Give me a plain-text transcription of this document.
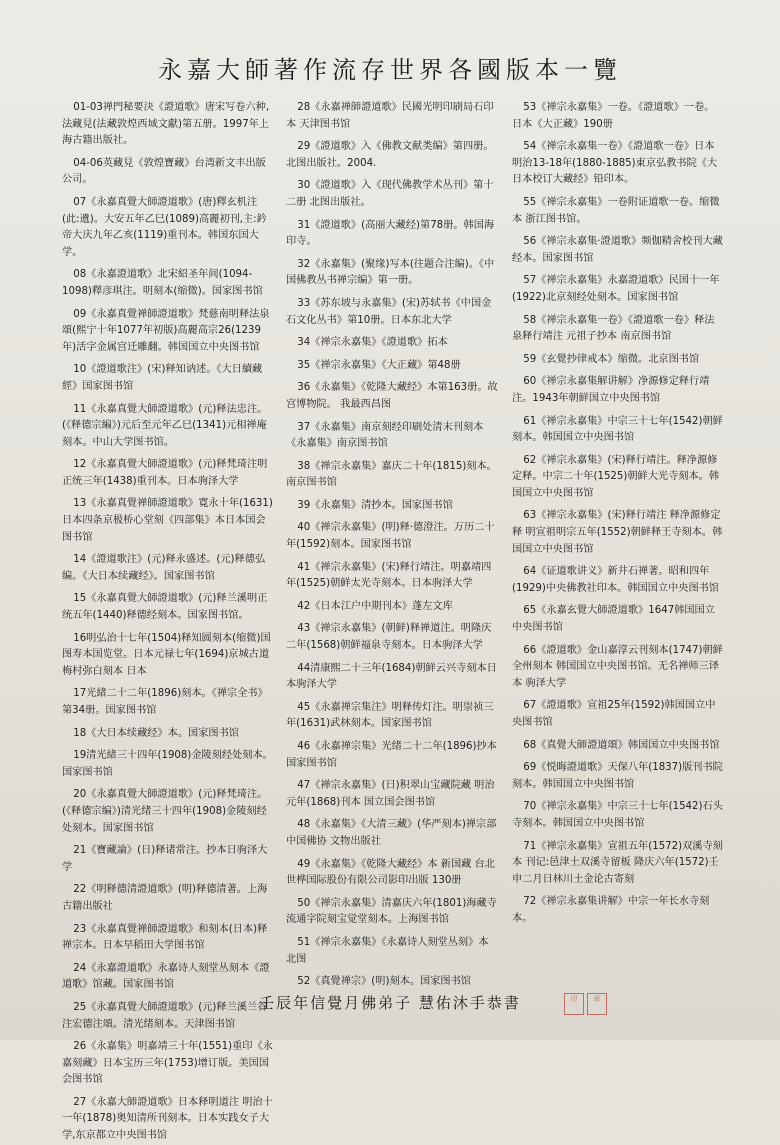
永嘉大師著作流存世界各國版本一覽

01-03禅門秘要決《證道歌》唐宋写卷六种,法藏見(法藏敦煌西域文獻)第五册。1997年上海古籍出版社。

04-06英藏見《敦煌寶藏》台湾新文丰出版公司。

07《永嘉真覺大師證道歌》(唐)釋玄机注(此:遺)。大安五年乙巳(1089)高麗初刊,主:鈐帝大庆九年乙亥(1119)重刊本。韩国东国大学。

08《永嘉證道歌》北宋紹圣年间(1094-1098)釋彦琪注。明刻本(缩微)。国家图书馆

09《永嘉真覺禅師證道歌》梵慈南明释法泉頌(熙宁十年1077年初版)高麗高宗26(1239年)活字金属宫迁雕翻。韩国国立中央图书馆

10《證道歌注》(宋)释知讷述。《大日續藏經》国家图书馆

11《永嘉真覺大師證道歌》(元)释法忠注。(《释德宗編》)元后至元年乙巳(1341)元相禅庵刻本。中山大学图书馆。

12《永嘉真覺大師證道歌》(元)释梵琦注明正统三年(1438)重刊本。日本驹泽大学

13《永嘉真覺禅師證道歌》寛永十年(1631)日本四条京极桥心堂刻《四部集》本日本国会图书馆

14《證道歌注》(元)释永盛述。(元)释德弘编。《大日本续藏经》。国家图书馆

15《永嘉真覺大師證道歌》(元)释兰溪明正统五年(1440)释德经刻本。国家图书馆。

16明弘治十七年(1504)释知圆刻本(缩微)国图寿本国览堂。日本元禄七年(1694)京城古道梅村弥白刻本 日本

17光緒二十二年(1896)刻本。《禅宗全书》第34册。国家图书馆

18《大日本续藏经》本。国家图书馆

19清光緒三十四年(1908)金陵刻经处刻本。国家图书馆

20《永嘉真覺大師證道歌》(元)释梵琦注。(《释德宗编》)清光绪三十四年(1908)金陵刻经处刻本。国家图书馆

21《寶藏論》(日)释诸常注。抄本日驹泽大学

22《明释德清證道歌》(明)释德清著。上海古籍出版社

23《永嘉真覺禅師證道歌》和刻本(日本)释禅宗本。日本早稻田大学图书馆

24《永嘉證道歌》永嘉诗人刻堂丛刻本《證道歌》馆藏。国家图书馆

25《永嘉真覺大師證道歌》(元)释兰溪兰谷注宏德注頌。清光绪刻本。天津图书馆

26《永嘉集》明嘉靖三十年(1551)重印《永嘉刻藏》日本宝历三年(1753)增订版。美国国会图书馆

27《永嘉大師證道歌》日本释明道注 明治十一年(1878)奥知清所刊刻本。日本实践女子大学,东京都立中央图书馆

28《永嘉禅師證道歌》民國光明印刷局石印本 天津图书馆

29《證道歌》入《佛教文献类编》第四册。北图出版社。2004.

30《證道歌》入《现代佛教学术丛刊》第十二册 北图出版社。

31《證道歌》(高丽大藏经)第78册。韩国海印寺。

32《永嘉集》(聚缘)写本(往题合注编)。《中国佛教丛书禅宗编》第一册。

33《苏东坡与永嘉集》(宋)苏轼书《中国金石文化丛书》第10册。日本东北大学

34《禅宗永嘉集》《證道歌》拓本

35《禅宗永嘉集》《大正藏》第48册

36《永嘉集》《乾隆大藏经》本第163册。故宫博物院。 我最西昌图

37《永嘉集》南京刻经印刷处清末刊刻本《永嘉集》南京图书馆

38《禅宗永嘉集》嘉庆二十年(1815)刻本。南京图书馆

39《永嘉集》清抄本。国家图书馆

40《禅宗永嘉集》(明)释·德澄注。万历二十年(1592)刻本。国家图书馆

41《禅宗永嘉集》(宋)释行靖注。明嘉靖四年(1525)朝鲜太光寺刻本。日本驹泽大学

42《日本江户中期刊本》蓬左文库

43《禅宗永嘉集》(朝鲜)释禅道注。明隆庆二年(1568)朝鲜福泉寺刻本。日本驹泽大学

44清康熙二十三年(1684)朝鲜云兴寺刻本日本驹泽大学

45《永嘉禅宗集注》明释传灯注。明崇祯三年(1631)武林刻本。国家图书馆

46《永嘉禅宗集》光绪二十二年(1896)抄本 国家图书馆

47《禅宗永嘉集》(日)积翠山宝藏院藏 明治元年(1868)刊本 国立国会图书馆

48《永嘉集》《大清三藏》(华严刻本)禅宗部 中国佛协 文物出版社

49《永嘉集》《乾隆大藏经》本 新国藏 台北世桦国际股份有限公司影印出版 130册

50《禅宗永嘉集》清嘉庆六年(1801)海藏寺流通字院刻宝觉堂刻本。上海图书馆

51《禅宗永嘉集》《永嘉诗人刻堂丛刻》本 北图

52《真覺禅宗》(明)刻本。国家图书馆

53《禅宗永嘉集》一卷。《證道歌》一卷。日本《大正藏》190册

54《禅宗永嘉集一卷》《證道歌一卷》日本明治13-18年(1880-1885)東京弘教书院《大日本校订大藏经》铅印本。

55《禅宗永嘉集》一卷附证道歌一卷。缩微本 浙江图书馆。

56《禅宗永嘉集·證道歌》频伽精舍校刊大藏经本。国家图书馆

57《禅宗永嘉集》永嘉證道歌》民国十一年(1922)北京刻经处刻本。国家图书馆

58《禅宗永嘉集一卷》《證道歌一卷》释法泉释行靖注 元祖子抄本 南京图书馆

59《玄覺抄律戒本》缩微。北京图书馆

60《禅宗永嘉集解讲解》净源修定释行靖注。1943年朝鲜国立中央图书馆

61《禅宗永嘉集》中宗三十七年(1542)朝鲜刻本。韩国国立中央图书馆

62《禅宗永嘉集》(宋)释行靖注。释净源修定释。中宗二十年(1525)朝鲜大光寺刻本。韩国国立中央图书馆

63《禅宗永嘉集》(宋)释行靖注 释净源修定释 明宣祖明宗五年(1552)朝鲜释王寺刻本。韩国国立中央图书馆

64《证道歌讲义》新井石禅著。昭和四年(1929)中央佛教社印本。韩国国立中央图书馆

65《永嘉玄覺大師證道歌》1647韩国国立中央图书馆

66《證道歌》金山嘉淳云刊刻本(1747)朝鲜全州刻本 韩国国立中央图书馆。无名禅师三译本 驹泽大学

67《證道歌》宣祖25年(1592)韩国国立中央图书馆

68《真覺大師證道頌》韩国国立中央图书馆

69《悦晦證道歌》天保八年(1837)版刊书院刻本。韩国国立中央图书馆

70《禅宗永嘉集》中宗三十七年(1542)石头寺刻本。韩国国立中央图书馆

71《禅宗永嘉集》宣祖五年(1572)双溪寺刻本 刊记:邑津土双溪寺留板 隆庆六年(1572)壬申二月日林川土金论古寄刻

72《禅宗永嘉集讲解》中宗一年长水寺刻本。

壬辰年信覺月佛弟子 慧佑沐手恭書	印	章
